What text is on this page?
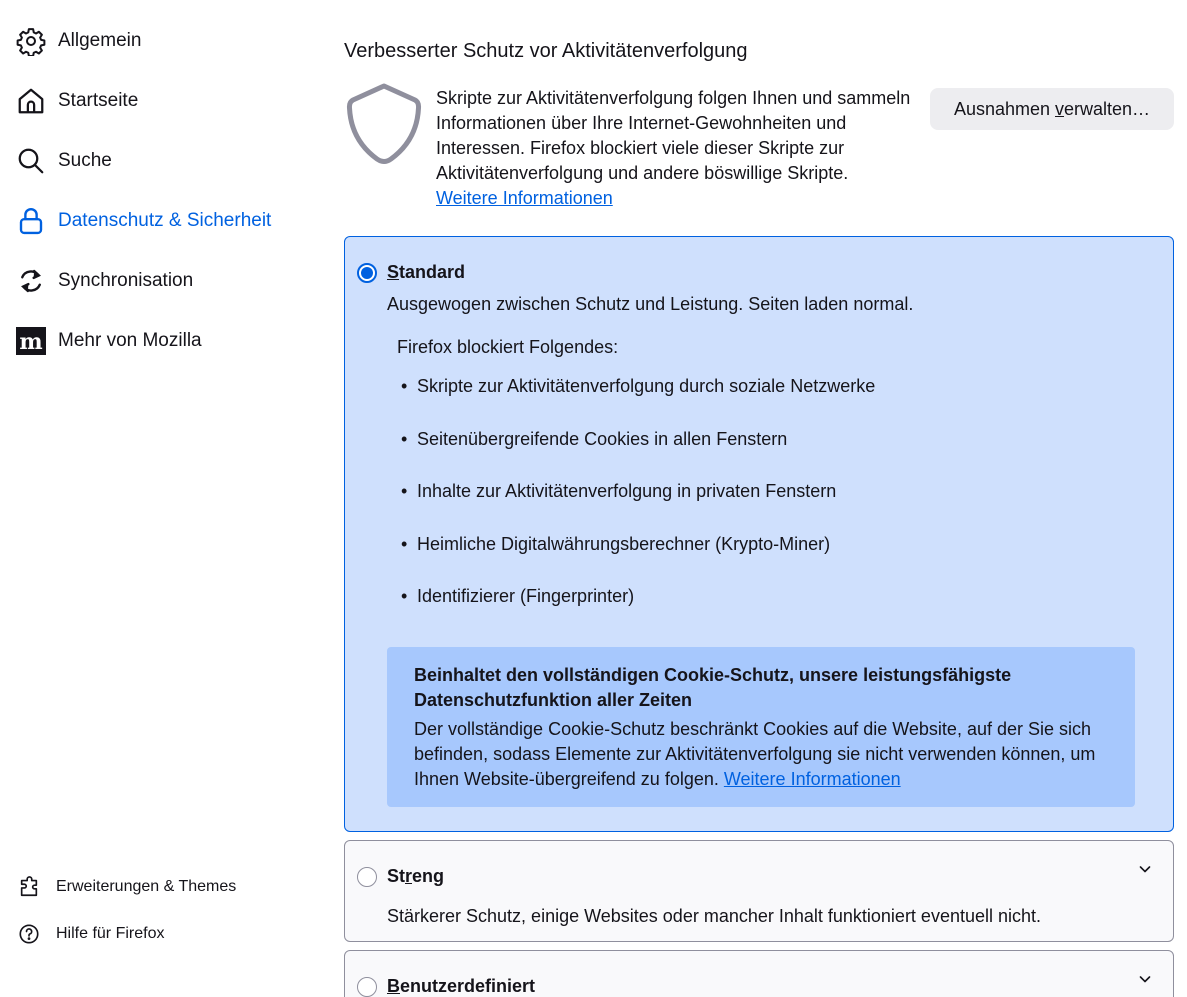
Allgemein
Startseite
Suche
Datenschutz & Sicherheit
Synchronisation
m Mehr von Mozilla
Erweiterungen & Themes
Hilfe für Firefox
Verbesserter Schutz vor Aktivitätenverfolgung
Skripte zur Aktivitätenverfolgung folgen Ihnen und sammeln Informationen über Ihre Internet-Gewohnheiten und Interessen. Firefox blockiert viele dieser Skripte zur Aktivitätenverfolgung und andere böswillige Skripte.
Weitere Informationen
Ausnahmen verwalten…
Standard
Ausgewogen zwischen Schutz und Leistung. Seiten laden normal.
Firefox blockiert Folgendes:
• Skripte zur Aktivitätenverfolgung durch soziale Netzwerke
• Seitenübergreifende Cookies in allen Fenstern
• Inhalte zur Aktivitätenverfolgung in privaten Fenstern
• Heimliche Digitalwährungsberechner (Krypto-Miner)
• Identifizierer (Fingerprinter)
Beinhaltet den vollständigen Cookie-Schutz, unsere leistungsfähigste Datenschutzfunktion aller Zeiten
Der vollständige Cookie-Schutz beschränkt Cookies auf die Website, auf der Sie sich befinden, sodass Elemente zur Aktivitätenverfolgung sie nicht verwenden können, um Ihnen Website-übergreifend zu folgen. Weitere Informationen
Streng
Stärkerer Schutz, einige Websites oder mancher Inhalt funktioniert eventuell nicht.
Benutzerdefiniert
